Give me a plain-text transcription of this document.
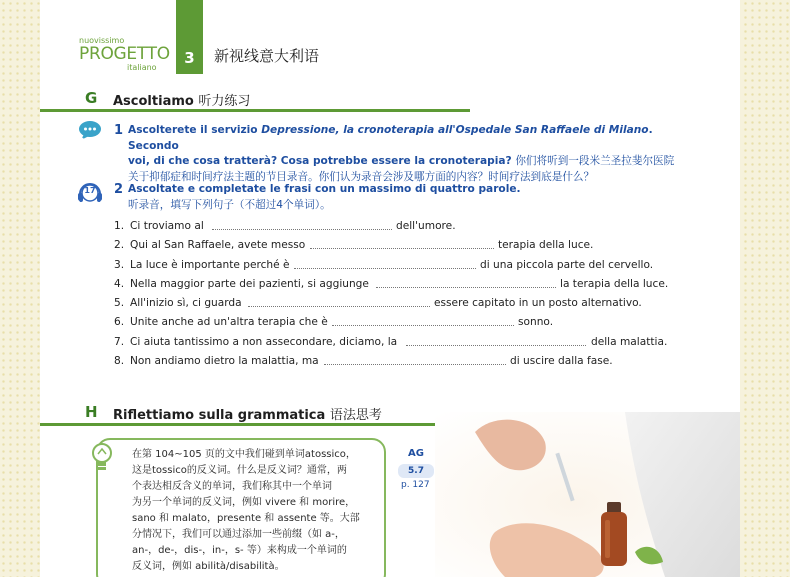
nuovissimo
PROGETTO
italiano
3 新视线意大利语
G Ascoltiamo 听力练习
1 Ascolterete il servizio Depressione, la cronoterapia all'Ospedale San Raffaele di Milano. Secondo
voi, di che cosa tratterà? Cosa potrebbe essere la cronoterapia? 你们将听到一段米兰圣拉斐尔医院
关于抑郁症和时间疗法主题的节目录音。你们认为录音会涉及哪方面的内容？时间疗法到底是什么？
17	2 Ascoltate e completate le frasi con un massimo di quattro parole.
听录音，填写下列句子（不超过4个单词）。
1. Ci troviamo al	dell'umore.
2. Qui al San Raffaele, avete messo	terapia della luce.
3. La luce è importante perché è	di una piccola parte del cervello.
4. Nella maggior parte dei pazienti, si aggiunge	la terapia della luce.
5. All'inizio sì, ci guarda	essere capitato in un posto alternativo.
6. Unite anche ad un'altra terapia che è	sonno.
7. Ci aiuta tantissimo a non assecondare, diciamo, la	della malattia.
8. Non andiamo dietro la malattia, ma	di uscire dalla fase.
H Riflettiamo sulla grammatica 语法思考
在第 104~105 页的文中我们碰到单词atossico，
这是tossico的反义词。什么是反义词？通常，两
个表达相反含义的单词，我们称其中一个单词
为另一个单词的反义词，例如 vivere 和 morire，
sano 和 malato，presente 和 assente 等。大部
分情况下，我们可以通过添加一些前缀（如 a-，
an-，de-，dis-，in-，s- 等）来构成一个单词的
反义词，例如 abilità/disabilità。
AG
5.7
p. 127
